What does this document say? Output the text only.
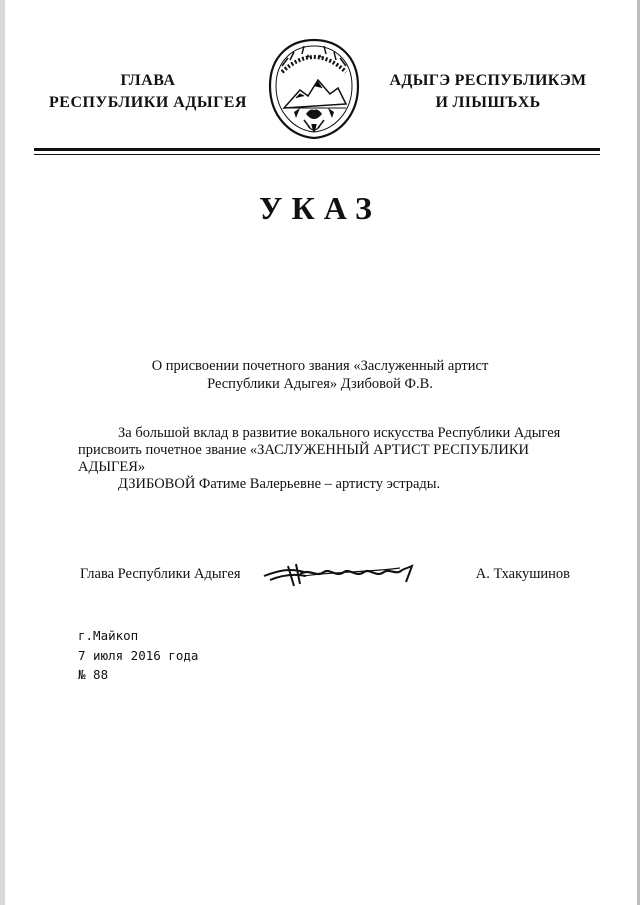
ГЛАВА
РЕСПУБЛИКИ АДЫГЕЯ
АДЫГЭ РЕСПУБЛИКЭМ
И ЛІЫШЪХЬ
УКАЗ
О присвоении почетного звания «Заслуженный артист
Республики Адыгея» Дзибовой Ф.В.

За большой вклад в развитие вокального искусства Республики Адыгея присвоить почетное звание «ЗАСЛУЖЕННЫЙ АРТИСТ РЕСПУБЛИКИ АДЫГЕЯ»

ДЗИБОВОЙ Фатиме Валерьевне – артисту эстрады.

Глава Республики Адыгея	А. Тхакушинов
г.Майкоп
7 июля 2016 года
№ 88
